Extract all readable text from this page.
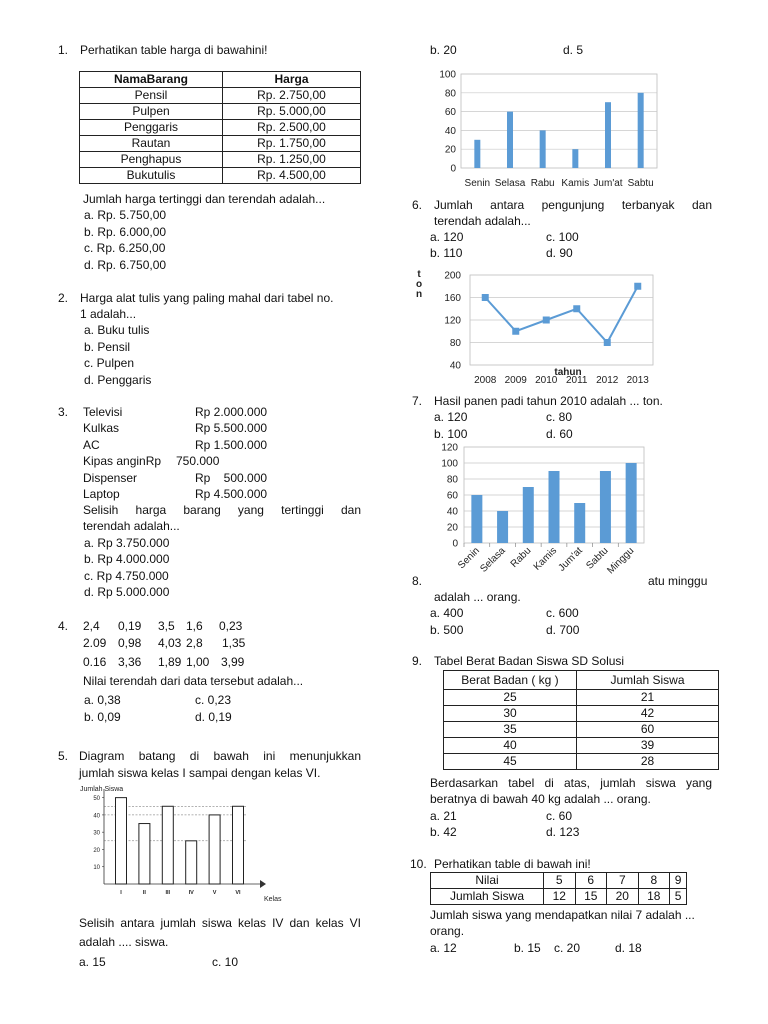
1. Perhatikan table harga di bawahini!
NamaBarang	Harga
Pensil	Rp. 2.750,00
Pulpen	Rp. 5.000,00
Penggaris	Rp. 2.500,00
Rautan	Rp. 1.750,00
Penghapus	Rp. 1.250,00
Bukutulis	Rp. 4.500,00
Jumlah harga tertinggi dan terendah adalah...
a. Rp. 5.750,00
b. Rp. 6.000,00
c. Rp. 6.250,00
d. Rp. 6.750,00
2. Harga alat tulis yang paling mahal dari tabel no.
1 adalah...
a. Buku tulis
b. Pensil
c. Pulpen
d. Penggaris
3. Televisi	Rp 2.000.000
Kulkas	Rp 5.500.000
AC	Rp 1.500.000
Kipas anginRp 750.000
Dispenser	Rp    500.000
Laptop	Rp 4.500.000
Selisih harga barang yang tertinggi dan
terendah adalah...
a. Rp 3.750.000
b. Rp 4.000.000
c. Rp 4.750.000
d. Rp 5.000.000
4. 2,4 0,19 3,5 1,6 0,23
2.09 0,98 4,03 2,8 1,35
0.16 3,36 1,89 1,00 3,99
Nilai terendah dari data tersebut adalah...
a. 0,38	c. 0,23
b. 0,09	d. 0,19
5. Diagram batang di bawah ini menunjukkan
jumlah siswa kelas I sampai dengan kelas VI.
Jumlah Siswa
10
20
30
40
50
I	II	III	IV	V	VI
Kelas
Selisih antara jumlah siswa kelas IV dan kelas VI
adalah .... siswa.
a. 15	c. 10
b. 20	d. 5
0
20
40
60
80
100
Senin Selasa Rabu Kamis Jum'at Sabtu
6. Jumlah antara pengunjung terbanyak dan
terendah adalah...
a. 120	c. 100
b. 110	d. 90
40
80
120
160
200
t
o
n
tahun
2008 2009 2010 2011 2012 2013
7. Hasil panen padi tahun 2010 adalah ... ton.
a. 120	c. 80
b. 100	d. 60
0
20
40
60
80
100
120
Senin
Selasa Rabu
Kamis
Jum'at Sabtu
Minggu
8.	atu minggu
adalah ... orang.
a. 400	c. 600
b. 500	d. 700
9. Tabel Berat Badan Siswa SD Solusi
Berat Badan ( kg )	Jumlah Siswa
25	21
30	42
35	60
40	39
45	28
Berdasarkan tabel di atas, jumlah siswa yang
beratnya di bawah 40 kg adalah ... orang.
a. 21	c. 60
b. 42	d. 123
10. Perhatikan table di bawah ini!
Nilai	5	6	7	8	9
Jumlah Siswa	12	15	20	18	5
Jumlah siswa yang mendapatkan nilai 7 adalah ...
orang.
a. 12	b. 15 c. 20	d. 18
